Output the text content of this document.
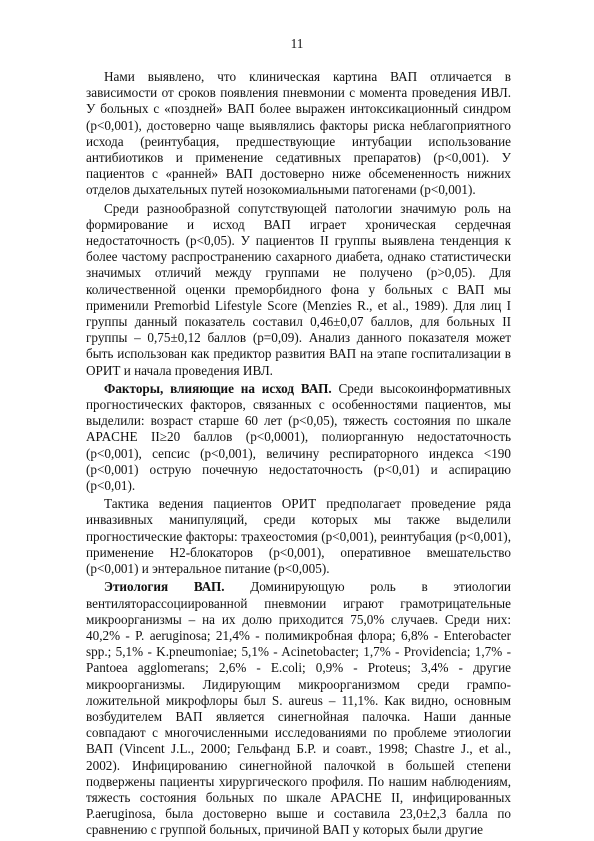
11

Нами выявлено, что клиническая картина ВАП отличается в зависимости от сроков появления пневмонии с момента проведения ИВЛ. У больных с «поздней» ВАП более выражен интоксикационный синдром (p<0,001), достоверно чаще выявлялись факторы риска неблагоприятного исхода (реинтубация, предшествующие интубации использование антибиотиков и применение седативных препаратов) (p<0,001). У пациентов с «ранней» ВАП достоверно ниже обсемененность нижних отделов дыхательных путей нозокомиальными патогенами (p<0,001).

Среди разнообразной сопутствующей патологии значимую роль на формирование и исход ВАП играет хроническая сердечная недостаточность (p<0,05). У пациентов II группы выявлена тенденция к более частому распространению сахарного диабета, однако статистически значимых отличий между группами не получено (p>0,05). Для количественной оценки преморбидного фона у больных с ВАП мы применили Premorbid Lifestyle Score (Menzies R., et al., 1989). Для лиц I группы данный показатель составил 0,46±0,07 баллов, для больных II группы – 0,75±0,12 баллов (p=0,09). Анализ данного показателя может быть использован как предиктор развития ВАП на этапе госпитализации в ОРИТ и начала проведения ИВЛ.

Факторы, влияющие на исход ВАП. Среди высокоинформативных прогностических факторов, связанных с особенностями пациентов, мы выделили: возраст старше 60 лет (p<0,05), тяжесть состояния по шкале APACHE II≥20 баллов (p<0,0001), полиорганную недостаточность (p<0,001), сепсис (p<0,001), величину респираторного индекса <190 (p<0,001) острую почечную недостаточность (p<0,01) и аспирацию (p<0,01).

Тактика ведения пациентов ОРИТ предполагает проведение ряда инвазивных манипуляций, среди которых мы также выделили прогностические факторы: трахеостомия (p<0,001), реинтубация (p<0,001), применение H2-блокаторов (p<0,001), оперативное вмешательство (p<0,001) и энтеральное питание (p<0,005).

Этиология ВАП. Доминирующую роль в этиологии вентиляторассоциированной пневмонии играют грамотрицательные микроорганизмы – на их долю приходится 75,0% случаев. Среди них: 40,2% - P. aeruginosa; 21,4% - полимикробная флора; 6,8% - Enterobacter spp.; 5,1% - K.pneumoniae; 5,1% - Acinetobacter; 1,7% - Providencia; 1,7% - Pantoea agglomerans; 2,6% - E.coli; 0,9% - Proteus; 3,4% - другие микроорганизмы. Лидирующим микроорганизмом среди грамположительной микрофлоры был S. aureus – 11,1%. Как видно, основным возбудителем ВАП является синегнойная палочка. Наши данные совпадают с многочисленными исследованиями по проблеме этиологии ВАП (Vincent J.L., 2000; Гельфанд Б.Р. и соавт., 1998; Chastre J., et al., 2002). Инфицированию синегнойной палочкой в большей степени подвержены пациенты хирургического профиля. По нашим наблюдениям, тяжесть состояния больных по шкале APACHE II, инфицированных P.aeruginosa, была достоверно выше и составила 23,0±2,3 балла по сравнению с группой больных, причиной ВАП у которых были другие
